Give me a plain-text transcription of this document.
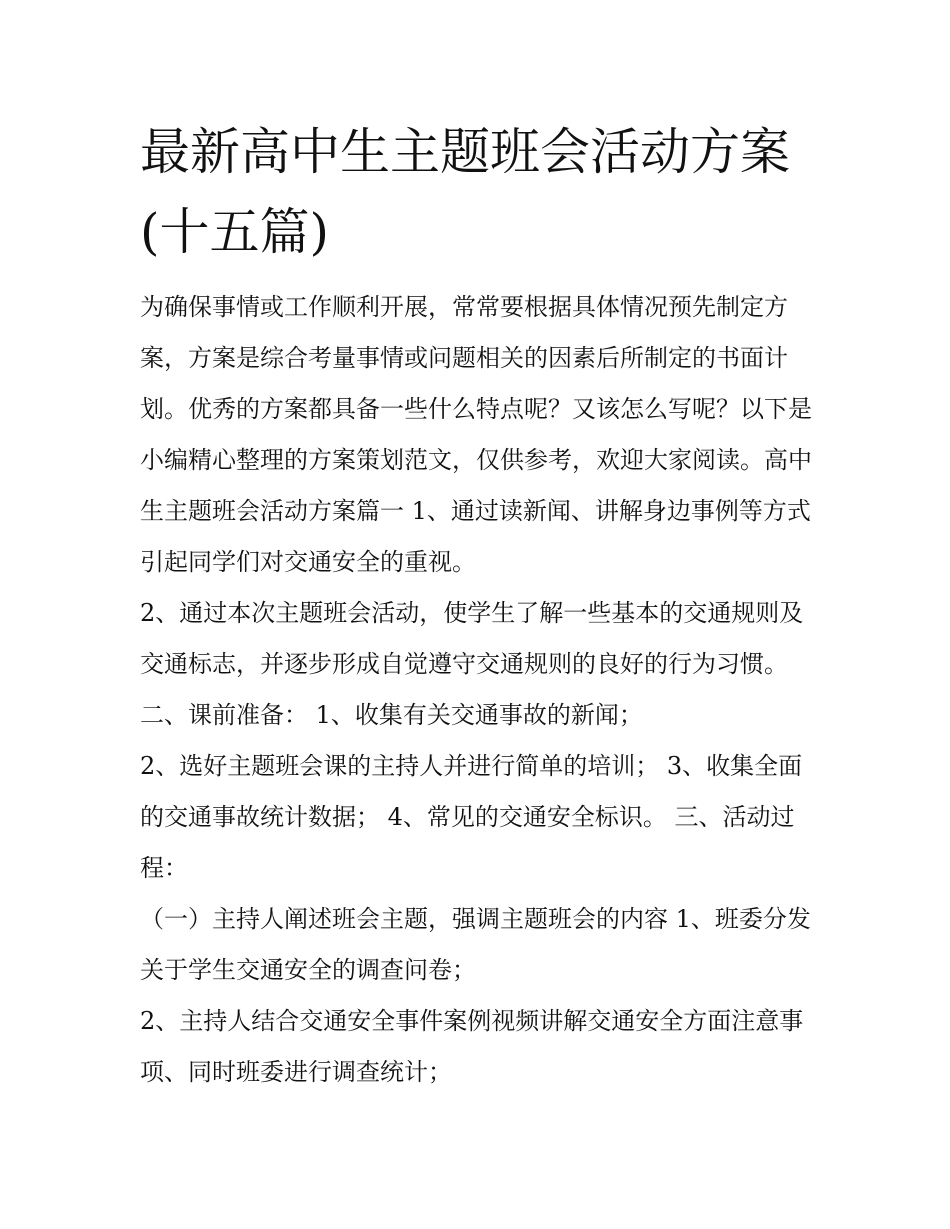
最新高中生主题班会活动方案(十五篇)

为确保事情或工作顺利开展，常常要根据具体情况预先制定方案，方案是综合考量事情或问题相关的因素后所制定的书面计划。优秀的方案都具备一些什么特点呢？又该怎么写呢？以下是小编精心整理的方案策划范文，仅供参考，欢迎大家阅读。高中生主题班会活动方案篇一 1、通过读新闻、讲解身边事例等方式引起同学们对交通安全的重视。

2、通过本次主题班会活动，使学生了解一些基本的交通规则及交通标志，并逐步形成自觉遵守交通规则的良好的行为习惯。 二、课前准备： 1、收集有关交通事故的新闻；

2、选好主题班会课的主持人并进行简单的培训； 3、收集全面的交通事故统计数据； 4、常见的交通安全标识。 三、活动过程：

（一）主持人阐述班会主题，强调主题班会的内容 1、班委分发关于学生交通安全的调查问卷；

2、主持人结合交通安全事件案例视频讲解交通安全方面注意事项、同时班委进行调查统计；
